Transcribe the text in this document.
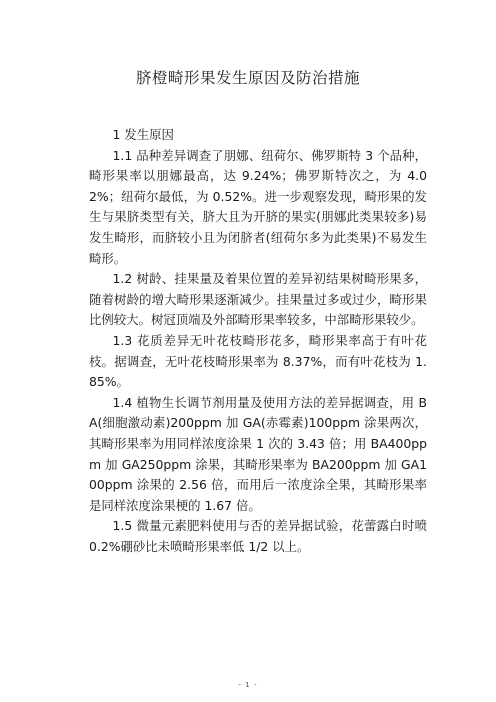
脐橙畸形果发生原因及防治措施

1 发生原因

1.1 品种差异调查了朋娜、纽荷尔、佛罗斯特 3 个品种，畸形果率以朋娜最高，达 9.24%；佛罗斯特次之，为 4.02%；纽荷尔最低，为 0.52%。进一步观察发现，畸形果的发生与果脐类型有关，脐大且为开脐的果实(朋娜此类果较多)易发生畸形，而脐较小且为闭脐者(纽荷尔多为此类果)不易发生畸形。

1.2 树龄、挂果量及着果位置的差异初结果树畸形果多，随着树龄的增大畸形果逐渐减少。挂果量过多或过少，畸形果比例较大。树冠顶端及外部畸形果率较多，中部畸形果较少。

1.3 花质差异无叶花枝畸形花多，畸形果率高于有叶花枝。据调查，无叶花枝畸形果率为 8.37%，而有叶花枝为 1.85%。

1.4 植物生长调节剂用量及使用方法的差异据调查，用 BA(细胞激动素)200ppm 加 GA(赤霉素)100ppm 涂果两次，其畸形果率为用同样浓度涂果 1 次的 3.43 倍；用 BA400ppm 加 GA250ppm 涂果，其畸形果率为 BA200ppm 加 GA100ppm 涂果的 2.56 倍，而用后一浓度涂全果，其畸形果率是同样浓度涂果梗的 1.67 倍。

1.5 微量元素肥料使用与否的差异据试验，花蕾露白时喷 0.2%硼砂比未喷畸形果率低 1/2 以上。

- 1 -
